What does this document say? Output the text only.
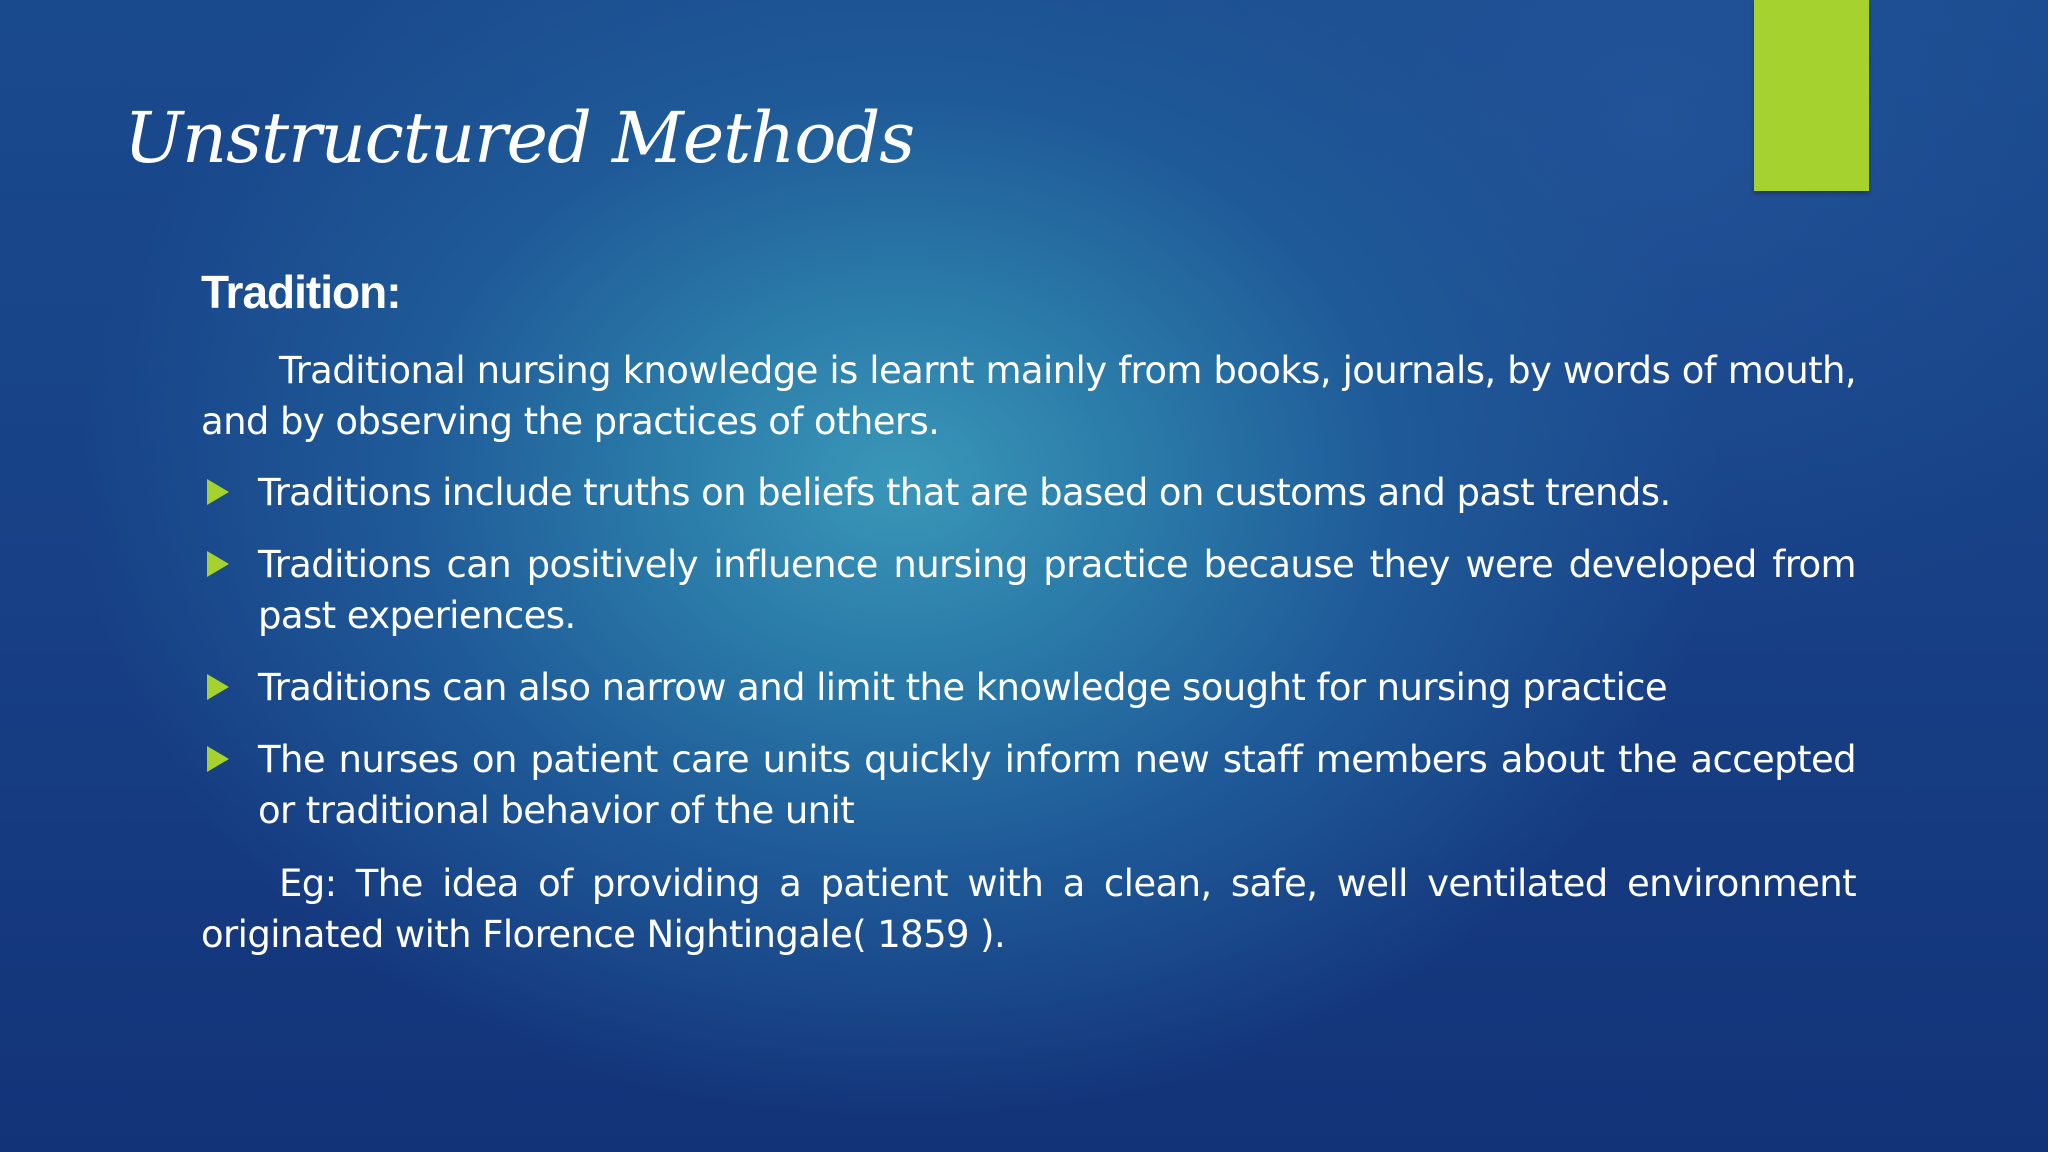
Unstructured Methods
Tradition:

Traditional nursing knowledge is learnt mainly from books, journals, by words of mouth, and by observing the practices of others.

Traditions include truths on beliefs that are based on customs and past trends.
Traditions can positively influence nursing practice because they were developed from past experiences.
Traditions can also narrow and limit the knowledge sought for nursing practice
The nurses on patient care units quickly inform new staff members about the accepted or traditional behavior of the unit

Eg: The idea of providing a patient with a clean, safe, well ventilated environment originated with Florence Nightingale( 1859 ).
